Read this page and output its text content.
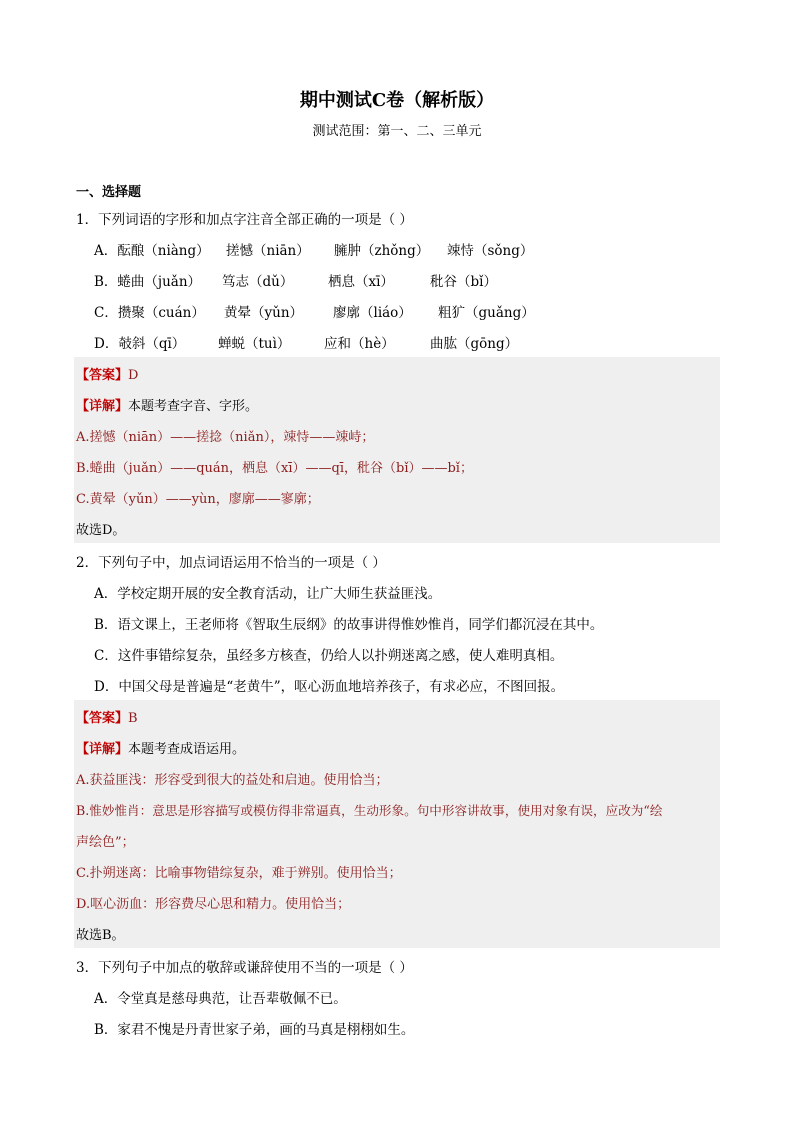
期中测试C卷（解析版）
测试范围：第一、二、三单元
一、选择题
1．下列词语的字形和加点字注音全部正确的一项是（ ）
A．酝酿（niàng） 搓憾（niān） 臃肿（zhǒng） 竦恃（sǒng）
B．蜷曲（juǎn） 笃志（dǔ）	栖息（xī）	秕谷（bǐ）
C．攒聚（cuán） 黄晕（yǔn） 廖廓（liáo） 粗犷（guǎng）
D．攲斜（qī） 蝉蜕（tuì） 应和（hè）	曲肱（gōng）
【答案】D
【详解】本题考查字音、字形。
A.搓憾（niān）——搓捻（niǎn），竦恃——竦峙；
B.蜷曲（juǎn）——quán，栖息（xī）——qī，秕谷（bǐ）——bǐ；
C.黄晕（yǔn）——yùn，廖廓——寥廓；
故选D。
2．下列句子中，加点词语运用不恰当的一项是（ ）
A．学校定期开展的安全教育活动，让广大师生获益匪浅。
B．语文课上，王老师将《智取生辰纲》的故事讲得惟妙惟肖，同学们都沉浸在其中。
C．这件事错综复杂，虽经多方核查，仍给人以扑朔迷离之感，使人难明真相。
D．中国父母是普遍是“老黄牛”，呕心沥血地培养孩子，有求必应，不图回报。
【答案】B
【详解】本题考查成语运用。
A.获益匪浅：形容受到很大的益处和启迪。使用恰当；
B.惟妙惟肖：意思是形容描写或模仿得非常逼真，生动形象。句中形容讲故事，使用对象有误，应改为“绘
声绘色”；
C.扑朔迷离：比喻事物错综复杂，难于辨别。使用恰当；
D.呕心沥血：形容费尽心思和精力。使用恰当；
故选B。
3．下列句子中加点的敬辞或谦辞使用不当的一项是（ ）
A．令堂真是慈母典范，让吾辈敬佩不已。
B．家君不愧是丹青世家子弟，画的马真是栩栩如生。
